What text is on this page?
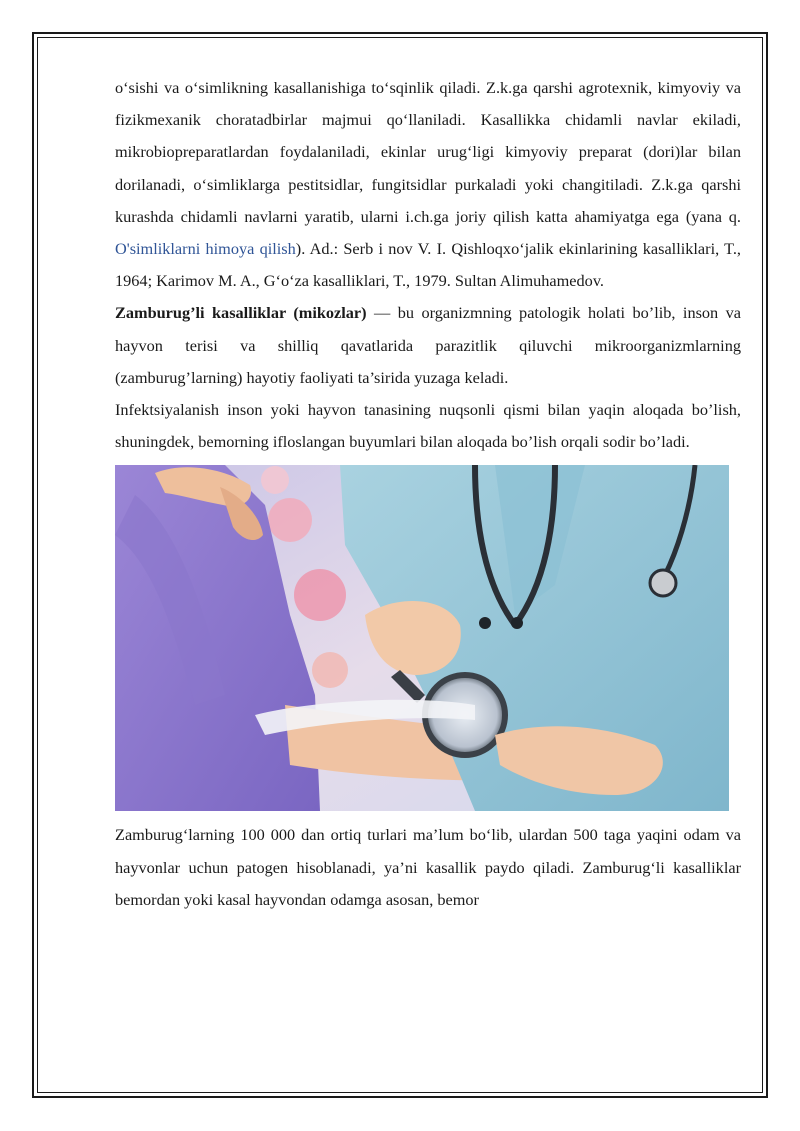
o‘sishi va o‘simlikning kasallanishiga to‘sqinlik qiladi. Z.k.ga qarshi agrotexnik, kimyoviy va fizikmexanik choratadbirlar majmui qo‘llaniladi. Kasallikka chidamli navlar ekiladi, mikrobiopreparatlardan foydalaniladi, ekinlar urug‘ligi kimyoviy preparat (dori)lar bilan dorilanadi, o‘simliklarga pestitsidlar, fungitsidlar purkaladi yoki changitiladi. Z.k.ga qarshi kurashda chidamli navlarni yaratib, ularni i.ch.ga joriy qilish katta ahamiyatga ega (yana q. O'simliklarni himoya qilish). Ad.: Serb i nov V. I. Qishloqxo‘jalik ekinlarining kasalliklari, T., 1964; Karimov M. A., G‘o‘za kasalliklari, T., 1979. Sultan Alimuhamedov.

Zamburug’li kasalliklar (mikozlar) — bu organizmning patologik holati bo’lib, inson va hayvon terisi va shilliq qavatlarida parazitlik qiluvchi mikroorganizmlarning (zamburug’larning) hayotiy faoliyati ta’sirida yuzaga keladi.

Infektsiyalanish inson yoki hayvon tanasining nuqsonli qismi bilan yaqin aloqada bo’lish, shuningdek, bemorning ifloslangan buyumlari bilan aloqada bo’lish orqali sodir bo’ladi.

Zamburug‘larning 100 000 dan ortiq turlari ma’lum bo‘lib, ulardan 500 taga yaqini odam va hayvonlar uchun patogen hisoblanadi, ya’ni kasallik paydo qiladi. Zamburug‘li kasalliklar bemordan yoki kasal hayvondan odamga asosan, bemor
